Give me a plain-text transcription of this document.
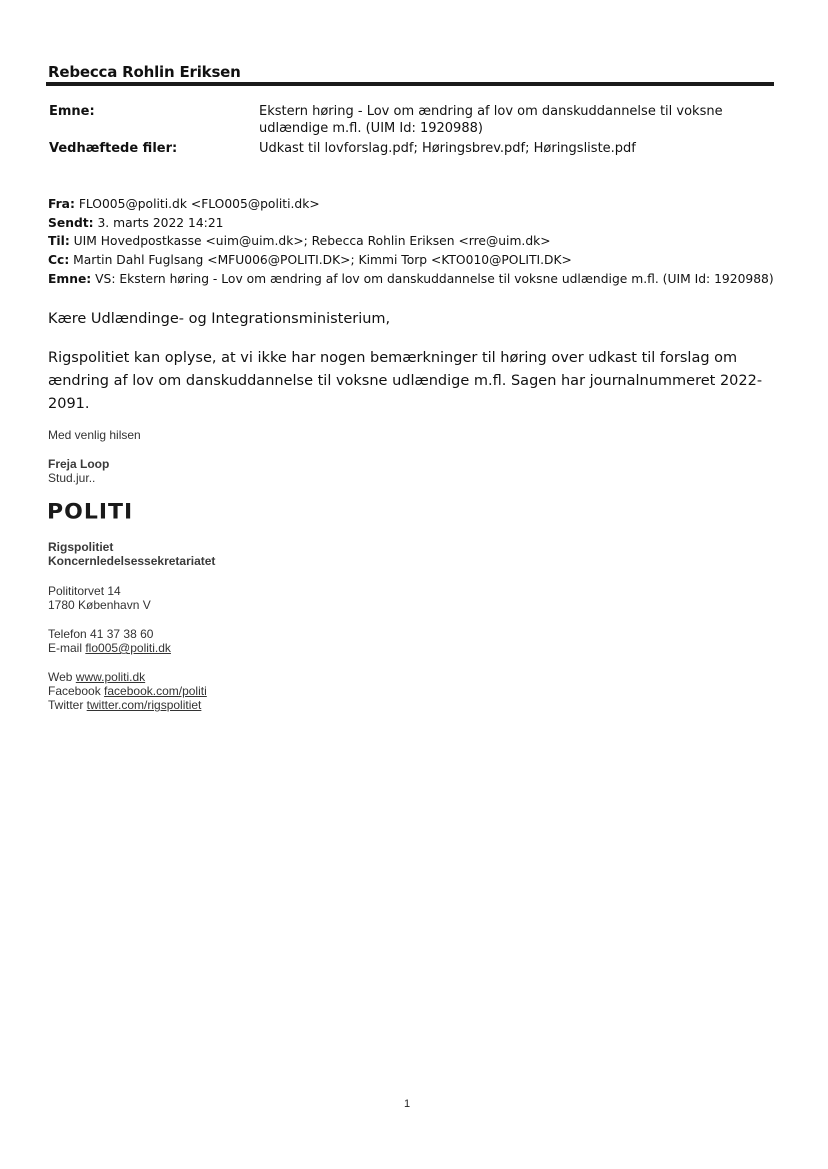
Rebecca Rohlin Eriksen
Emne:	Ekstern høring - Lov om ændring af lov om danskuddannelse til voksne udlændige m.fl. (UIM Id: 1920988)
Vedhæftede filer:	Udkast til lovforslag.pdf; Høringsbrev.pdf; Høringsliste.pdf
Fra: FLO005@politi.dk <FLO005@politi.dk>
Sendt: 3. marts 2022 14:21
Til: UIM Hovedpostkasse <uim@uim.dk>; Rebecca Rohlin Eriksen <rre@uim.dk>
Cc: Martin Dahl Fuglsang <MFU006@POLITI.DK>; Kimmi Torp <KTO010@POLITI.DK>
Emne: VS: Ekstern høring - Lov om ændring af lov om danskuddannelse til voksne udlændige m.fl. (UIM Id: 1920988)
Kære Udlændinge- og Integrationsministerium,
Rigspolitiet kan oplyse, at vi ikke har nogen bemærkninger til høring over udkast til forslag om ændring af lov om danskuddannelse til voksne udlændige m.fl. Sagen har journalnummeret 2022-2091.
Med venlig hilsen
Freja Loop
Stud.jur..
POLITI
Rigspolitiet
Koncernledelsessekretariatet
Polititorvet 14
1780 København V
Telefon 41 37 38 60
E-mail flo005@politi.dk
Web www.politi.dk
Facebook facebook.com/politi
Twitter twitter.com/rigspolitiet
1
